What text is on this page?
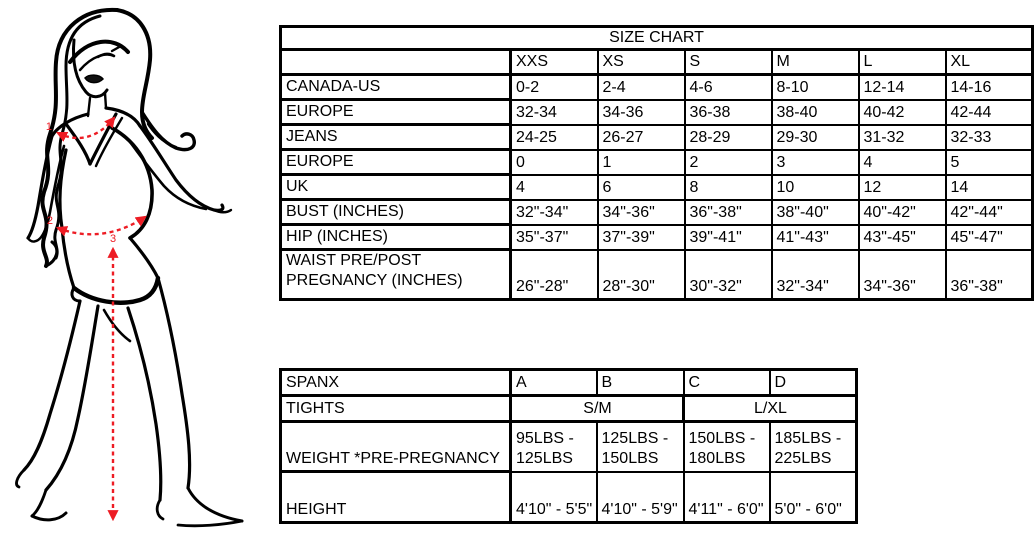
1
2
3
SIZE CHART						
	XXS	XS	S	M	L	XL
CANADA-US	0-2	2-4	4-6	8-10	12-14	14-16
EUROPE	32-34	34-36	36-38	38-40	40-42	42-44
JEANS	24-25	26-27	28-29	29-30	31-32	32-33
EUROPE	0	1	2	3	4	5
UK	4	6	8	10	12	14
BUST (INCHES)	32"-34"	34"-36"	36"-38"	38"-40"	40"-42"	42"-44"
HIP (INCHES)	35"-37"	37"-39"	39"-41"	41"-43"	43"-45"	45"-47"
WAIST PRE/POST PREGNANCY (INCHES)	26"-28"	28"-30"	30"-32"	32"-34"	34"-36"	36"-38"
SPANX	A	B	C	D
TIGHTS	S/M		L/XL	
WEIGHT *PRE-PREGNANCY	95LBS - 125LBS	125LBS - 150LBS	150LBS - 180LBS	185LBS - 225LBS
HEIGHT	4'10" - 5'5"	4'10" - 5'9"	4'11" - 6'0"	5'0" - 6'0"
